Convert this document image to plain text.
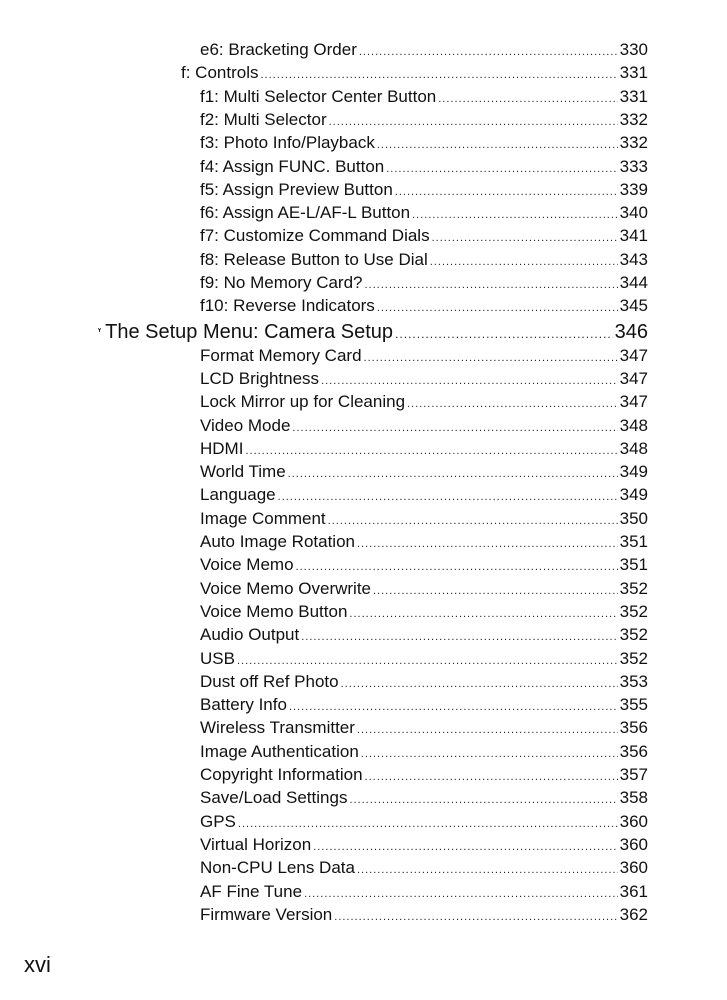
e6: Bracketing Order .....	330
f: Controls .....	331
f1: Multi Selector Center Button .....	331
f2: Multi Selector .....	332
f3: Photo Info/Playback .....	332
f4: Assign FUNC. Button .....	333
f5: Assign Preview Button .....	339
f6: Assign AE-L/AF-L Button .....	340
f7: Customize Command Dials .....	341
f8: Release Button to Use Dial .....	343
f9: No Memory Card? .....	344
f10: Reverse Indicators .....	345
The Setup Menu: Camera Setup .....	346
Format Memory Card .....	347
LCD Brightness .....	347
Lock Mirror up for Cleaning .....	347
Video Mode .....	348
HDMI .....	348
World Time .....	349
Language .....	349
Image Comment .....	350
Auto Image Rotation .....	351
Voice Memo .....	351
Voice Memo Overwrite .....	352
Voice Memo Button .....	352
Audio Output .....	352
USB .....	352
Dust off Ref Photo .....	353
Battery Info .....	355
Wireless Transmitter .....	356
Image Authentication .....	356
Copyright Information .....	357
Save/Load Settings .....	358
GPS .....	360
Virtual Horizon .....	360
Non-CPU Lens Data .....	360
AF Fine Tune .....	361
Firmware Version .....	362
xvi
